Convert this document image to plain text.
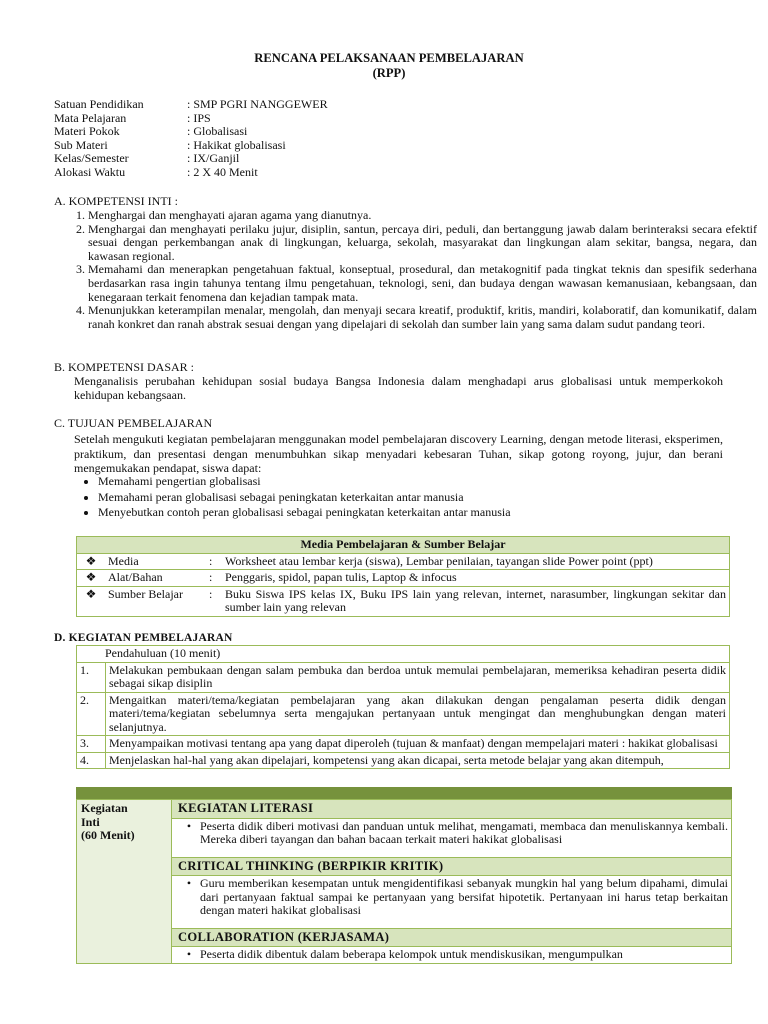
RENCANA PELAKSANAAN PEMBELAJARAN
(RPP)
Satuan Pendidikan	: SMP PGRI NANGGEWER
Mata Pelajaran	: IPS
Materi Pokok	: Globalisasi
Sub Materi	: Hakikat globalisasi
Kelas/Semester	: IX/Ganjil
Alokasi Waktu	: 2 X 40 Menit
A. KOMPETENSI INTI :
1. Menghargai dan menghayati ajaran agama yang dianutnya.
2. Menghargai dan menghayati perilaku jujur, disiplin, santun, percaya diri, peduli, dan bertanggung jawab dalam berinteraksi secara efektif sesuai dengan perkembangan anak di lingkungan, keluarga, sekolah, masyarakat dan lingkungan alam sekitar, bangsa, negara, dan kawasan regional.
3. Memahami dan menerapkan pengetahuan faktual, konseptual, prosedural, dan metakognitif pada tingkat teknis dan spesifik sederhana berdasarkan rasa ingin tahunya tentang ilmu pengetahuan, teknologi, seni, dan budaya dengan wawasan kemanusiaan, kebangsaan, dan kenegaraan terkait fenomena dan kejadian tampak mata.
4. Menunjukkan keterampilan menalar, mengolah, dan menyaji secara kreatif, produktif, kritis, mandiri, kolaboratif, dan komunikatif, dalam ranah konkret dan ranah abstrak sesuai dengan yang dipelajari di sekolah dan sumber lain yang sama dalam sudut pandang teori.
B. KOMPETENSI DASAR :
Menganalisis perubahan kehidupan sosial budaya Bangsa Indonesia dalam menghadapi arus globalisasi untuk memperkokoh kehidupan kebangsaan.
C. TUJUAN PEMBELAJARAN
Setelah mengukuti kegiatan pembelajaran menggunakan model pembelajaran discovery Learning, dengan metode literasi, eksperimen, praktikum, dan presentasi dengan menumbuhkan sikap menyadari kebesaran Tuhan, sikap gotong royong, jujur, dan berani mengemukakan pendapat, siswa dapat:
• Memahami pengertian globalisasi
• Memahami peran globalisasi sebagai peningkatan keterkaitan antar manusia
• Menyebutkan contoh peran globalisasi sebagai peningkatan keterkaitan antar manusia
Media Pembelajaran & Sumber Belajar			
❖	Media	:	Worksheet atau lembar kerja (siswa), Lembar penilaian, tayangan slide Power point (ppt)
❖	Alat/Bahan	:	Penggaris, spidol, papan tulis, Laptop & infocus
❖	Sumber Belajar	:	Buku Siswa IPS kelas IX, Buku IPS lain yang relevan, internet, narasumber, lingkungan sekitar dan sumber lain yang relevan
D. KEGIATAN PEMBELAJARAN
Pendahuluan (10 menit)	
1.	Melakukan pembukaan dengan salam pembuka dan berdoa untuk memulai pembelajaran, memeriksa kehadiran peserta didik sebagai sikap disiplin
2.	Mengaitkan materi/tema/kegiatan pembelajaran yang akan dilakukan dengan pengalaman peserta didik dengan materi/tema/kegiatan sebelumnya serta mengajukan pertanyaan untuk mengingat dan menghubungkan dengan materi selanjutnya.
3.	Menyampaikan motivasi tentang apa yang dapat diperoleh (tujuan & manfaat) dengan mempelajari materi : hakikat globalisasi
4.	Menjelaskan hal-hal yang akan dipelajari, kompetensi yang akan dicapai, serta metode belajar yang akan ditempuh,
Kegiatan
Inti
(60 Menit)
	KEGIATAN LITERASI

• Peserta didik diberi motivasi dan panduan untuk melihat, mengamati, membaca dan menuliskannya kembali. Mereka diberi tayangan dan bahan bacaan terkait materi hakikat globalisasi

CRITICAL THINKING (BERPIKIR KRITIK)

• Guru memberikan kesempatan untuk mengidentifikasi sebanyak mungkin hal yang belum dipahami, dimulai dari pertanyaan faktual sampai ke pertanyaan yang bersifat hipotetik. Pertanyaan ini harus tetap berkaitan dengan materi hakikat globalisasi

COLLABORATION (KERJASAMA)

• Peserta didik dibentuk dalam beberapa kelompok untuk mendiskusikan, mengumpulkan
